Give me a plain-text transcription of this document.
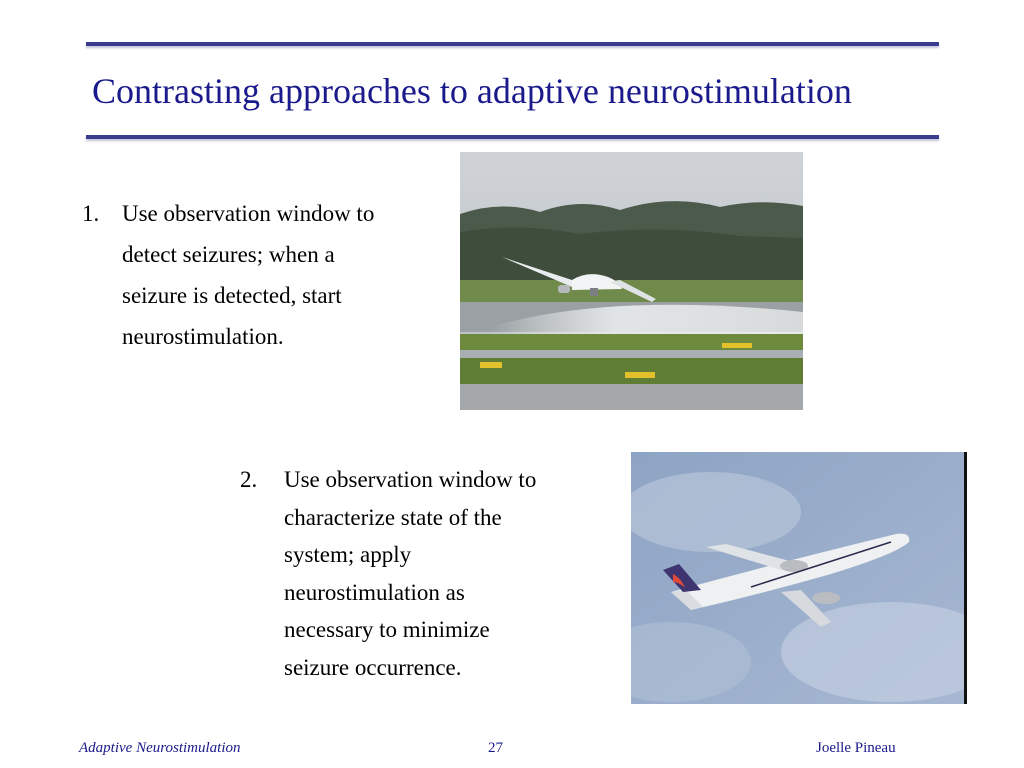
Contrasting approaches to adaptive neurostimulation
1. Use observation window to
detect seizures; when a
seizure is detected, start
neurostimulation.
2. Use observation window to
characterize state of the
system; apply
neurostimulation as
necessary to minimize
seizure occurrence.
Adaptive Neurostimulation	27	Joelle Pineau
